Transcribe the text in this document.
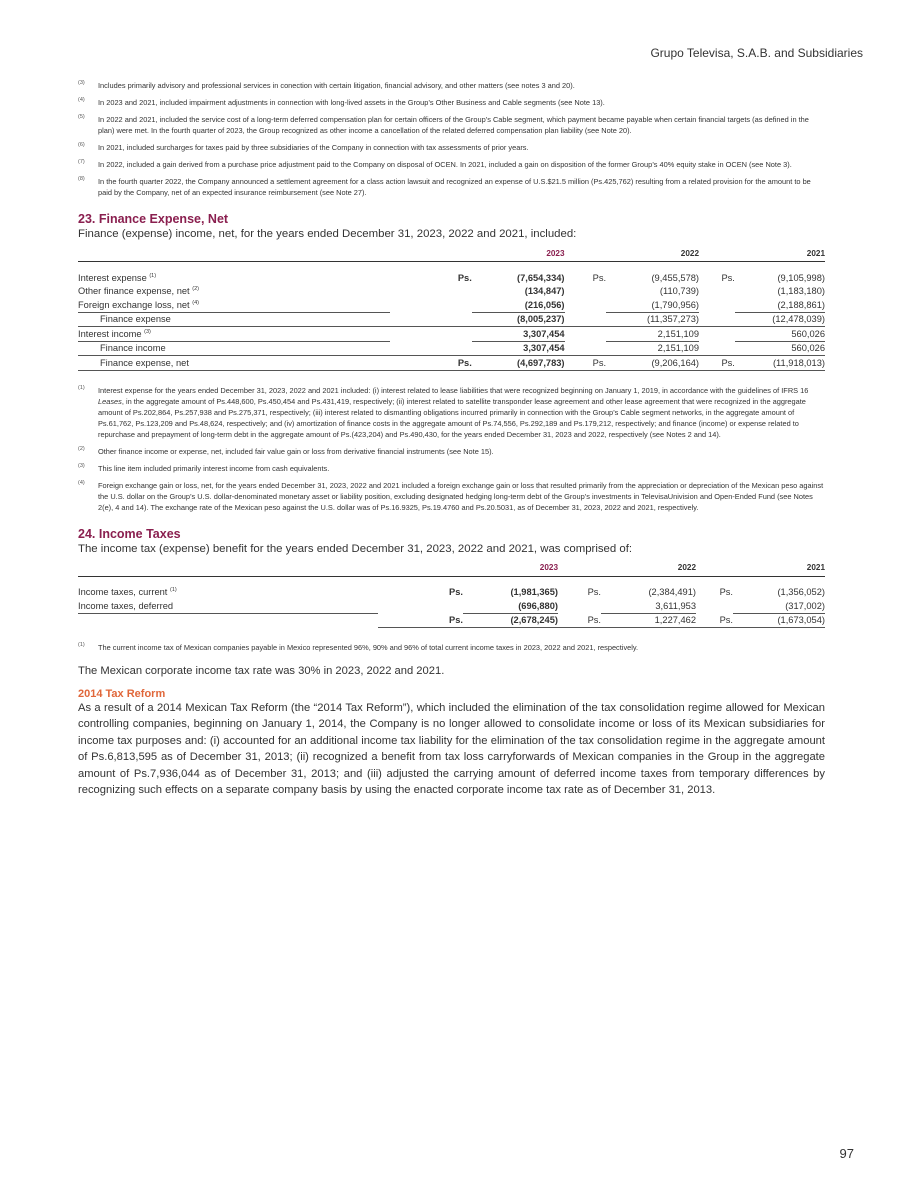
Grupo Televisa, S.A.B. and Subsidiaries
(3) Includes primarily advisory and professional services in conection with certain litigation, financial advisory, and other matters (see notes 3 and 20).
(4) In 2023 and 2021, included impairment adjustments in connection with long-lived assets in the Group’s Other Business and Cable segments (see Note 13).
(5) In 2022 and 2021, included the service cost of a long-term deferred compensation plan for certain officers of the Group’s Cable segment, which payment became payable when certain financial targets (as defined in the plan) were met. In the fourth quarter of 2023, the Group recognized as other income a cancellation of the related deferred compensation plan liability (see Note 20).
(6) In 2021, included surcharges for taxes paid by three subsidiaries of the Company in connection with tax assessments of prior years.
(7) In 2022, included a gain derived from a purchase price adjustment paid to the Company on disposal of OCEN. In 2021, included a gain on disposition of the former Group’s 40% equity stake in OCEN (see Note 3).
(8) In the fourth quarter 2022, the Company announced a settlement agreement for a class action lawsuit and recognized an expense of U.S.$21.5 million (Ps.425,762) resulting from a related provision for the amount to be paid by the Company, net of an expected insurance reimbursement (see Note 27).
23. Finance Expense, Net
Finance (expense) income, net, for the years ended December 31, 2023, 2022 and 2021, included:
		2023		2022		2021

Interest expense $^{(1)}$	Ps.	(7,654,334)	Ps.	(9,455,578)	Ps.	(9,105,998)
Other finance expense, net $^{(2)}$		(134,847)		(110,739)		(1,183,180)
Foreign exchange loss, net $^{(4)}$		(216,056)		(1,790,956)		(2,188,861)
Finance expense		(8,005,237)		(11,357,273)		(12,478,039)
Interest income $^{(3)}$		3,307,454		2,151,109		560,026
Finance income		3,307,454		2,151,109		560,026
Finance expense, net	Ps.	(4,697,783)	Ps.	(9,206,164)	Ps.	(11,918,013)
(1) Interest expense for the years ended December 31, 2023, 2022 and 2021 included: (i) interest related to lease liabilities that were recognized beginning on January 1, 2019, in accordance with the guidelines of IFRS 16 Leases, in the aggregate amount of Ps.448,600, Ps.450,454 and Ps.431,419, respectively; (ii) interest related to satellite transponder lease agreement and other lease agreement that were recognized in the aggregate amount of Ps.202,864, Ps.257,938 and Ps.275,371, respectively; (iii) interest related to dismantling obligations incurred primarily in connection with the Group’s Cable segment networks, in the aggregate amount of Ps.61,762, Ps.123,209 and Ps.48,624, respectively; and (iv) amortization of finance costs in the aggregate amount of Ps.74,556, Ps.292,189 and Ps.179,212, respectively; and finance (income) or expense related to repurchase and prepayment of long-term debt in the aggregate amount of Ps.(423,204) and Ps.490,430, for the years ended December 31, 2023 and 2022, respectively (see Notes 2 and 14).
(2) Other finance income or expense, net, included fair value gain or loss from derivative financial instruments (see Note 15).
(3) This line item included primarily interest income from cash equivalents.
(4) Foreign exchange gain or loss, net, for the years ended December 31, 2023, 2022 and 2021 included a foreign exchange gain or loss that resulted primarily from the appreciation or depreciation of the Mexican peso against the U.S. dollar on the Group’s U.S. dollar-denominated monetary asset or liability position, excluding designated hedging long-term debt of the Group’s investments in TelevisaUnivision and Open-Ended Fund (see Notes 2(e), 4 and 14). The exchange rate of the Mexican peso against the U.S. dollar was of Ps.16.9325, Ps.19.4760 and Ps.20.5031, as of December 31, 2023, 2022 and 2021, respectively.
24. Income Taxes
The income tax (expense) benefit for the years ended December 31, 2023, 2022 and 2021, was comprised of:
		2023		2022		2021

Income taxes, current $^{(1)}$	Ps.	(1,981,365)	Ps.	(2,384,491)	Ps.	(1,356,052)
Income taxes, deferred		(696,880)		3,611,953		(317,002)
	Ps.	(2,678,245)	Ps.	1,227,462	Ps.	(1,673,054)
(1) The current income tax of Mexican companies payable in Mexico represented 96%, 90% and 96% of total current income taxes in 2023, 2022 and 2021, respectively.
The Mexican corporate income tax rate was 30% in 2023, 2022 and 2021.
2014 Tax Reform
As a result of a 2014 Mexican Tax Reform (the “2014 Tax Reform”), which included the elimination of the tax consolidation regime allowed for Mexican controlling companies, beginning on January 1, 2014, the Company is no longer allowed to consolidate income or loss of its Mexican subsidiaries for income tax purposes and: (i) accounted for an additional income tax liability for the elimination of the tax consolidation regime in the aggregate amount of Ps.6,813,595 as of December 31, 2013; (ii) recognized a benefit from tax loss carryforwards of Mexican companies in the Group in the aggregate amount of Ps.7,936,044 as of December 31, 2013; and (iii) adjusted the carrying amount of deferred income taxes from temporary differences by recognizing such effects on a separate company basis by using the enacted corporate income tax rate as of December 31, 2013.
97
